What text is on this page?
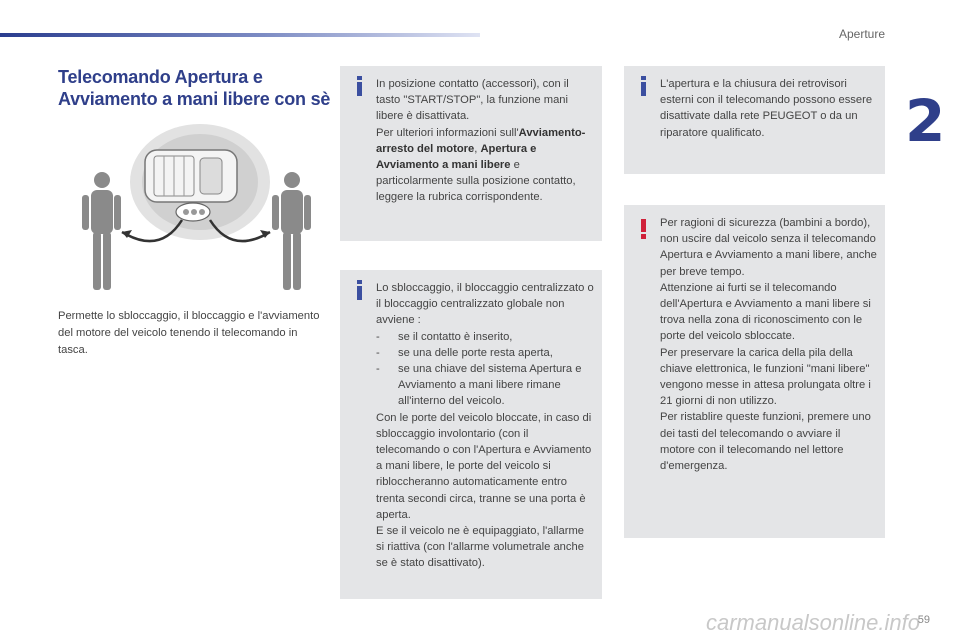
Aperture
2
Telecomando Apertura e
Avviamento a mani libere con sè
Permette lo sbloccaggio, il bloccaggio e l'avviamento del motore del veicolo tenendo il telecomando in tasca.
In posizione contatto (accessori), con il tasto "START/STOP", la funzione mani libere è disattivata.
Per ulteriori informazioni sull'Avviamento-arresto del motore, Apertura e Avviamento a mani libere e particolarmente sulla posizione contatto, leggere la rubrica corrispondente.
Lo sbloccaggio, il bloccaggio centralizzato o il bloccaggio centralizzato globale non avviene :
- se il contatto è inserito,
- se una delle porte resta aperta,
- se una chiave del sistema Apertura e Avviamento a mani libere rimane all'interno del veicolo.
Con le porte del veicolo bloccate, in caso di sbloccaggio involontario (con il telecomando o con l'Apertura e Avviamento a mani libere, le porte del veicolo si ribloccheranno automaticamente entro trenta secondi circa, tranne se una porta è aperta.
E se il veicolo ne è equipaggiato, l'allarme si riattiva (con l'allarme volumetrale anche se è stato disattivato).
L'apertura e la chiusura dei retrovisori esterni con il telecomando possono essere disattivate dalla rete PEUGEOT o da un riparatore qualificato.
Per ragioni di sicurezza (bambini a bordo), non uscire dal veicolo senza il telecomando Apertura e Avviamento a mani libere, anche per breve tempo.
Attenzione ai furti se il telecomando dell'Apertura e Avviamento a mani libere si trova nella zona di riconoscimento con le porte del veicolo sbloccate.
Per preservare la carica della pila della chiave elettronica, le funzioni "mani libere" vengono messe in attesa prolungata oltre i 21 giorni di non utilizzo.
Per ristablire queste funzioni, premere uno dei tasti del telecomando o avviare il motore con il telecomando nel lettore d'emergenza.
carmanualsonline.info
59
